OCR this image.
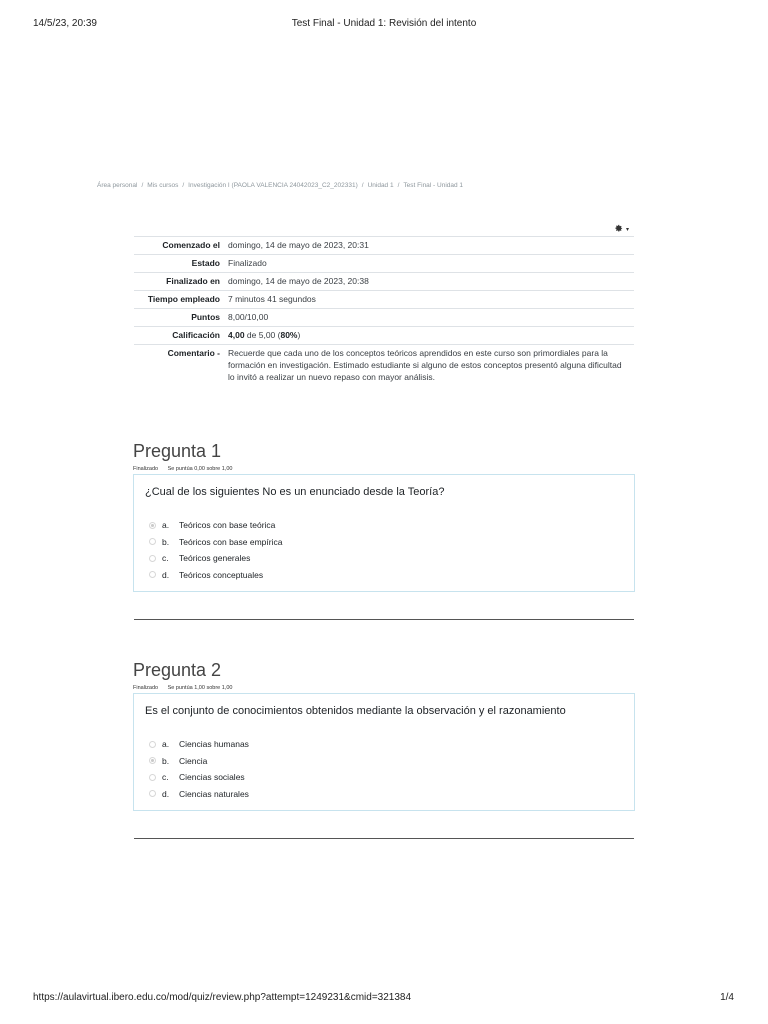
14/5/23, 20:39	Test Final - Unidad 1: Revisión del intento
Área personal / Mis cursos / Investigación I (PAOLA VALENCIA 24042023_C2_202331) / Unidad 1 / Test Final - Unidad 1
▾
Comenzado el	domingo, 14 de mayo de 2023, 20:31
Estado	Finalizado
Finalizado en	domingo, 14 de mayo de 2023, 20:38
Tiempo empleado	7 minutos 41 segundos
Puntos	8,00/10,00
Calificación	4,00 de 5,00 (80%)
Comentario -	Recuerde que cada uno de los conceptos teóricos aprendidos en este curso son primordiales para la formación en investigación. Estimado estudiante si alguno de estos conceptos presentó alguna dificultad lo invitó a realizar un nuevo repaso con mayor análisis.
Pregunta 1
Finalizado Se puntúa 0,00 sobre 1,00
¿Cual de los siguientes No es un enunciado desde la Teoría?
a.	Teóricos con base teórica
b.	Teóricos con base empírica
c.	Teóricos generales
d.	Teóricos conceptuales
Pregunta 2
Finalizado Se puntúa 1,00 sobre 1,00
Es el conjunto de conocimientos obtenidos mediante la observación y el razonamiento
a.	Ciencias humanas
b.	Ciencia
c.	Ciencias sociales
d.	Ciencias naturales
https://aulavirtual.ibero.edu.co/mod/quiz/review.php?attempt=1249231&cmid=321384	1/4
